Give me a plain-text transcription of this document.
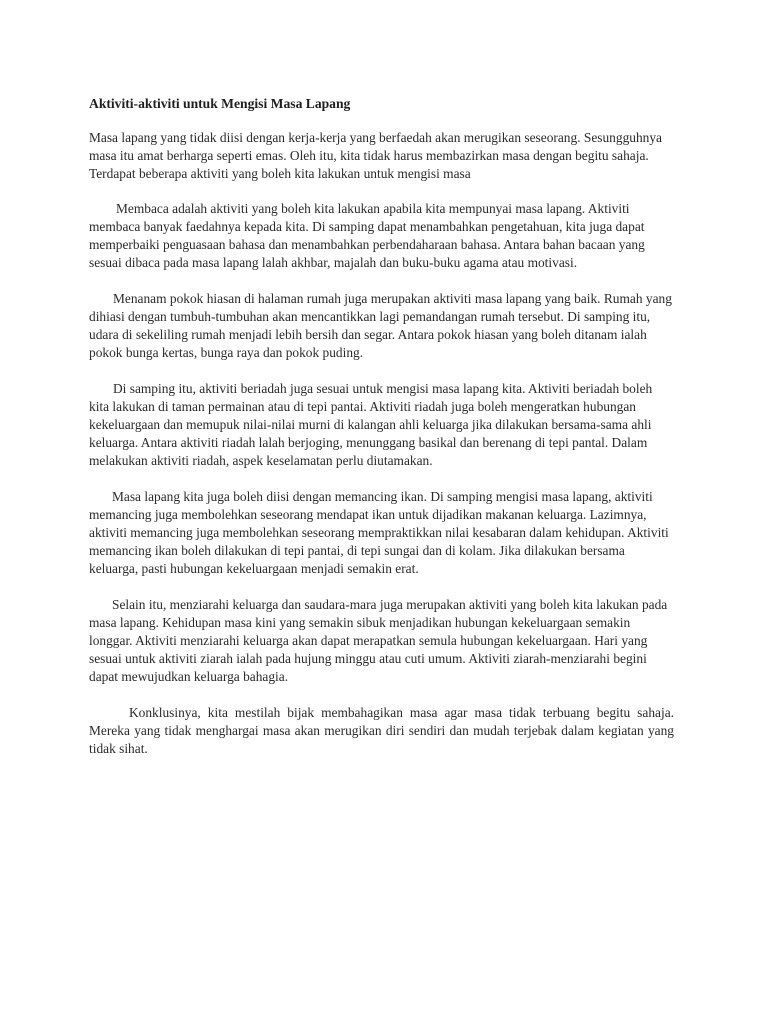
Aktiviti-aktiviti untuk Mengisi Masa Lapang

Masa lapang yang tidak diisi dengan kerja-kerja yang berfaedah akan merugikan seseorang. Sesungguhnya masa itu amat berharga seperti emas. Oleh itu, kita tidak harus membazirkan masa dengan begitu sahaja. Terdapat beberapa aktiviti yang boleh kita lakukan untuk mengisi masa

Membaca adalah aktiviti yang boleh kita lakukan apabila kita mempunyai masa lapang. Aktiviti membaca banyak faedahnya kepada kita. Di samping dapat menambahkan pengetahuan, kita juga dapat memperbaiki penguasaan bahasa dan menambahkan perbendaharaan bahasa. Antara bahan bacaan yang sesuai dibaca pada masa lapang lalah akhbar, majalah dan buku-buku agama atau motivasi.

Menanam pokok hiasan di halaman rumah juga merupakan aktiviti masa lapang yang baik. Rumah yang dihiasi dengan tumbuh-tumbuhan akan mencantikkan lagi pemandangan rumah tersebut. Di samping itu, udara di sekeliling rumah menjadi lebih bersih dan segar. Antara pokok hiasan yang boleh ditanam ialah pokok bunga kertas, bunga raya dan pokok puding.

Di samping itu, aktiviti beriadah juga sesuai untuk mengisi masa lapang kita. Aktiviti beriadah boleh kita lakukan di taman permainan atau di tepi pantai. Aktiviti riadah juga boleh mengeratkan hubungan kekeluargaan dan memupuk nilai-nilai murni di kalangan ahli keluarga jika dilakukan bersama-sama ahli keluarga. Antara aktiviti riadah lalah berjoging, menunggang basikal dan berenang di tepi pantal. Dalam melakukan aktiviti riadah, aspek keselamatan perlu diutamakan.

Masa lapang kita juga boleh diisi dengan memancing ikan. Di samping mengisi masa lapang, aktiviti memancing juga membolehkan seseorang mendapat ikan untuk dijadikan makanan keluarga. Lazimnya, aktiviti memancing juga membolehkan seseorang mempraktikkan nilai kesabaran dalam kehidupan. Aktiviti memancing ikan boleh dilakukan di tepi pantai, di tepi sungai dan di kolam. Jika dilakukan bersama keluarga, pasti hubungan kekeluargaan menjadi semakin erat.

Selain itu, menziarahi keluarga dan saudara-mara juga merupakan aktiviti yang boleh kita lakukan pada masa lapang. Kehidupan masa kini yang semakin sibuk menjadikan hubungan kekeluargaan semakin longgar. Aktiviti menziarahi keluarga akan dapat merapatkan semula hubungan kekeluargaan. Hari yang sesuai untuk aktiviti ziarah ialah pada hujung minggu atau cuti umum. Aktiviti ziarah-menziarahi begini dapat mewujudkan keluarga bahagia.

Konklusinya, kita mestilah bijak membahagikan masa agar masa tidak terbuang begitu sahaja. Mereka yang tidak menghargai masa akan merugikan diri sendiri dan mudah terjebak dalam kegiatan yang tidak sihat.
